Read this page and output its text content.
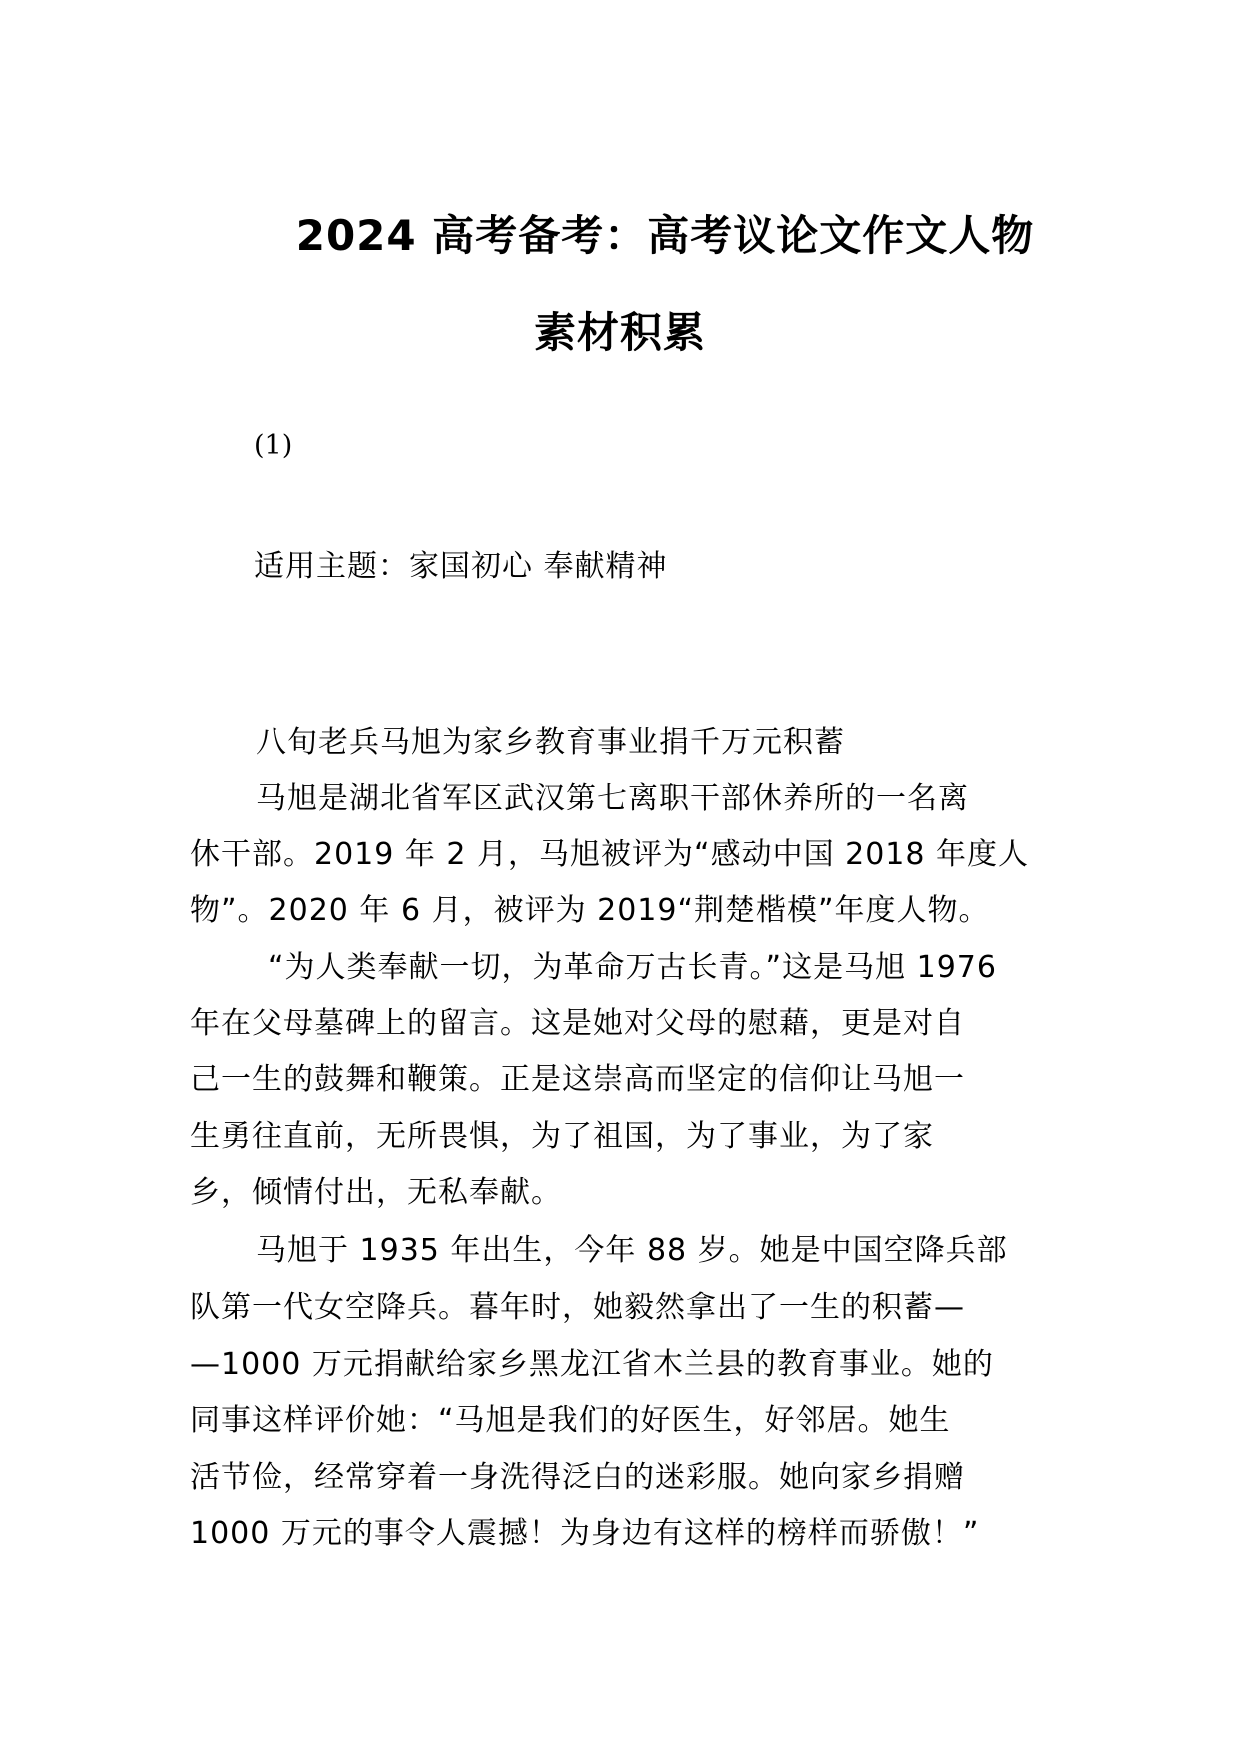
2024 高考备考：高考议论文作文人物
素材积累
(1)
适用主题：家国初心 奉献精神
八旬老兵马旭为家乡教育事业捐千万元积蓄
马旭是湖北省军区武汉第七离职干部休养所的一名离
休干部。2019 年 2 月，马旭被评为“感动中国 2018 年度人
物”。2020 年 6 月，被评为 2019“荆楚楷模”年度人物。
“为人类奉献一切，为革命万古长青。”这是马旭 1976
年在父母墓碑上的留言。这是她对父母的慰藉，更是对自
己一生的鼓舞和鞭策。正是这崇高而坚定的信仰让马旭一
生勇往直前，无所畏惧，为了祖国，为了事业，为了家
乡，倾情付出，无私奉献。
马旭于 1935 年出生，今年 88 岁。她是中国空降兵部
队第一代女空降兵。暮年时，她毅然拿出了一生的积蓄—
—1000 万元捐献给家乡黑龙江省木兰县的教育事业。她的
同事这样评价她：“马旭是我们的好医生，好邻居。她生
活节俭，经常穿着一身洗得泛白的迷彩服。她向家乡捐赠
1000 万元的事令人震撼！为身边有这样的榜样而骄傲！”
